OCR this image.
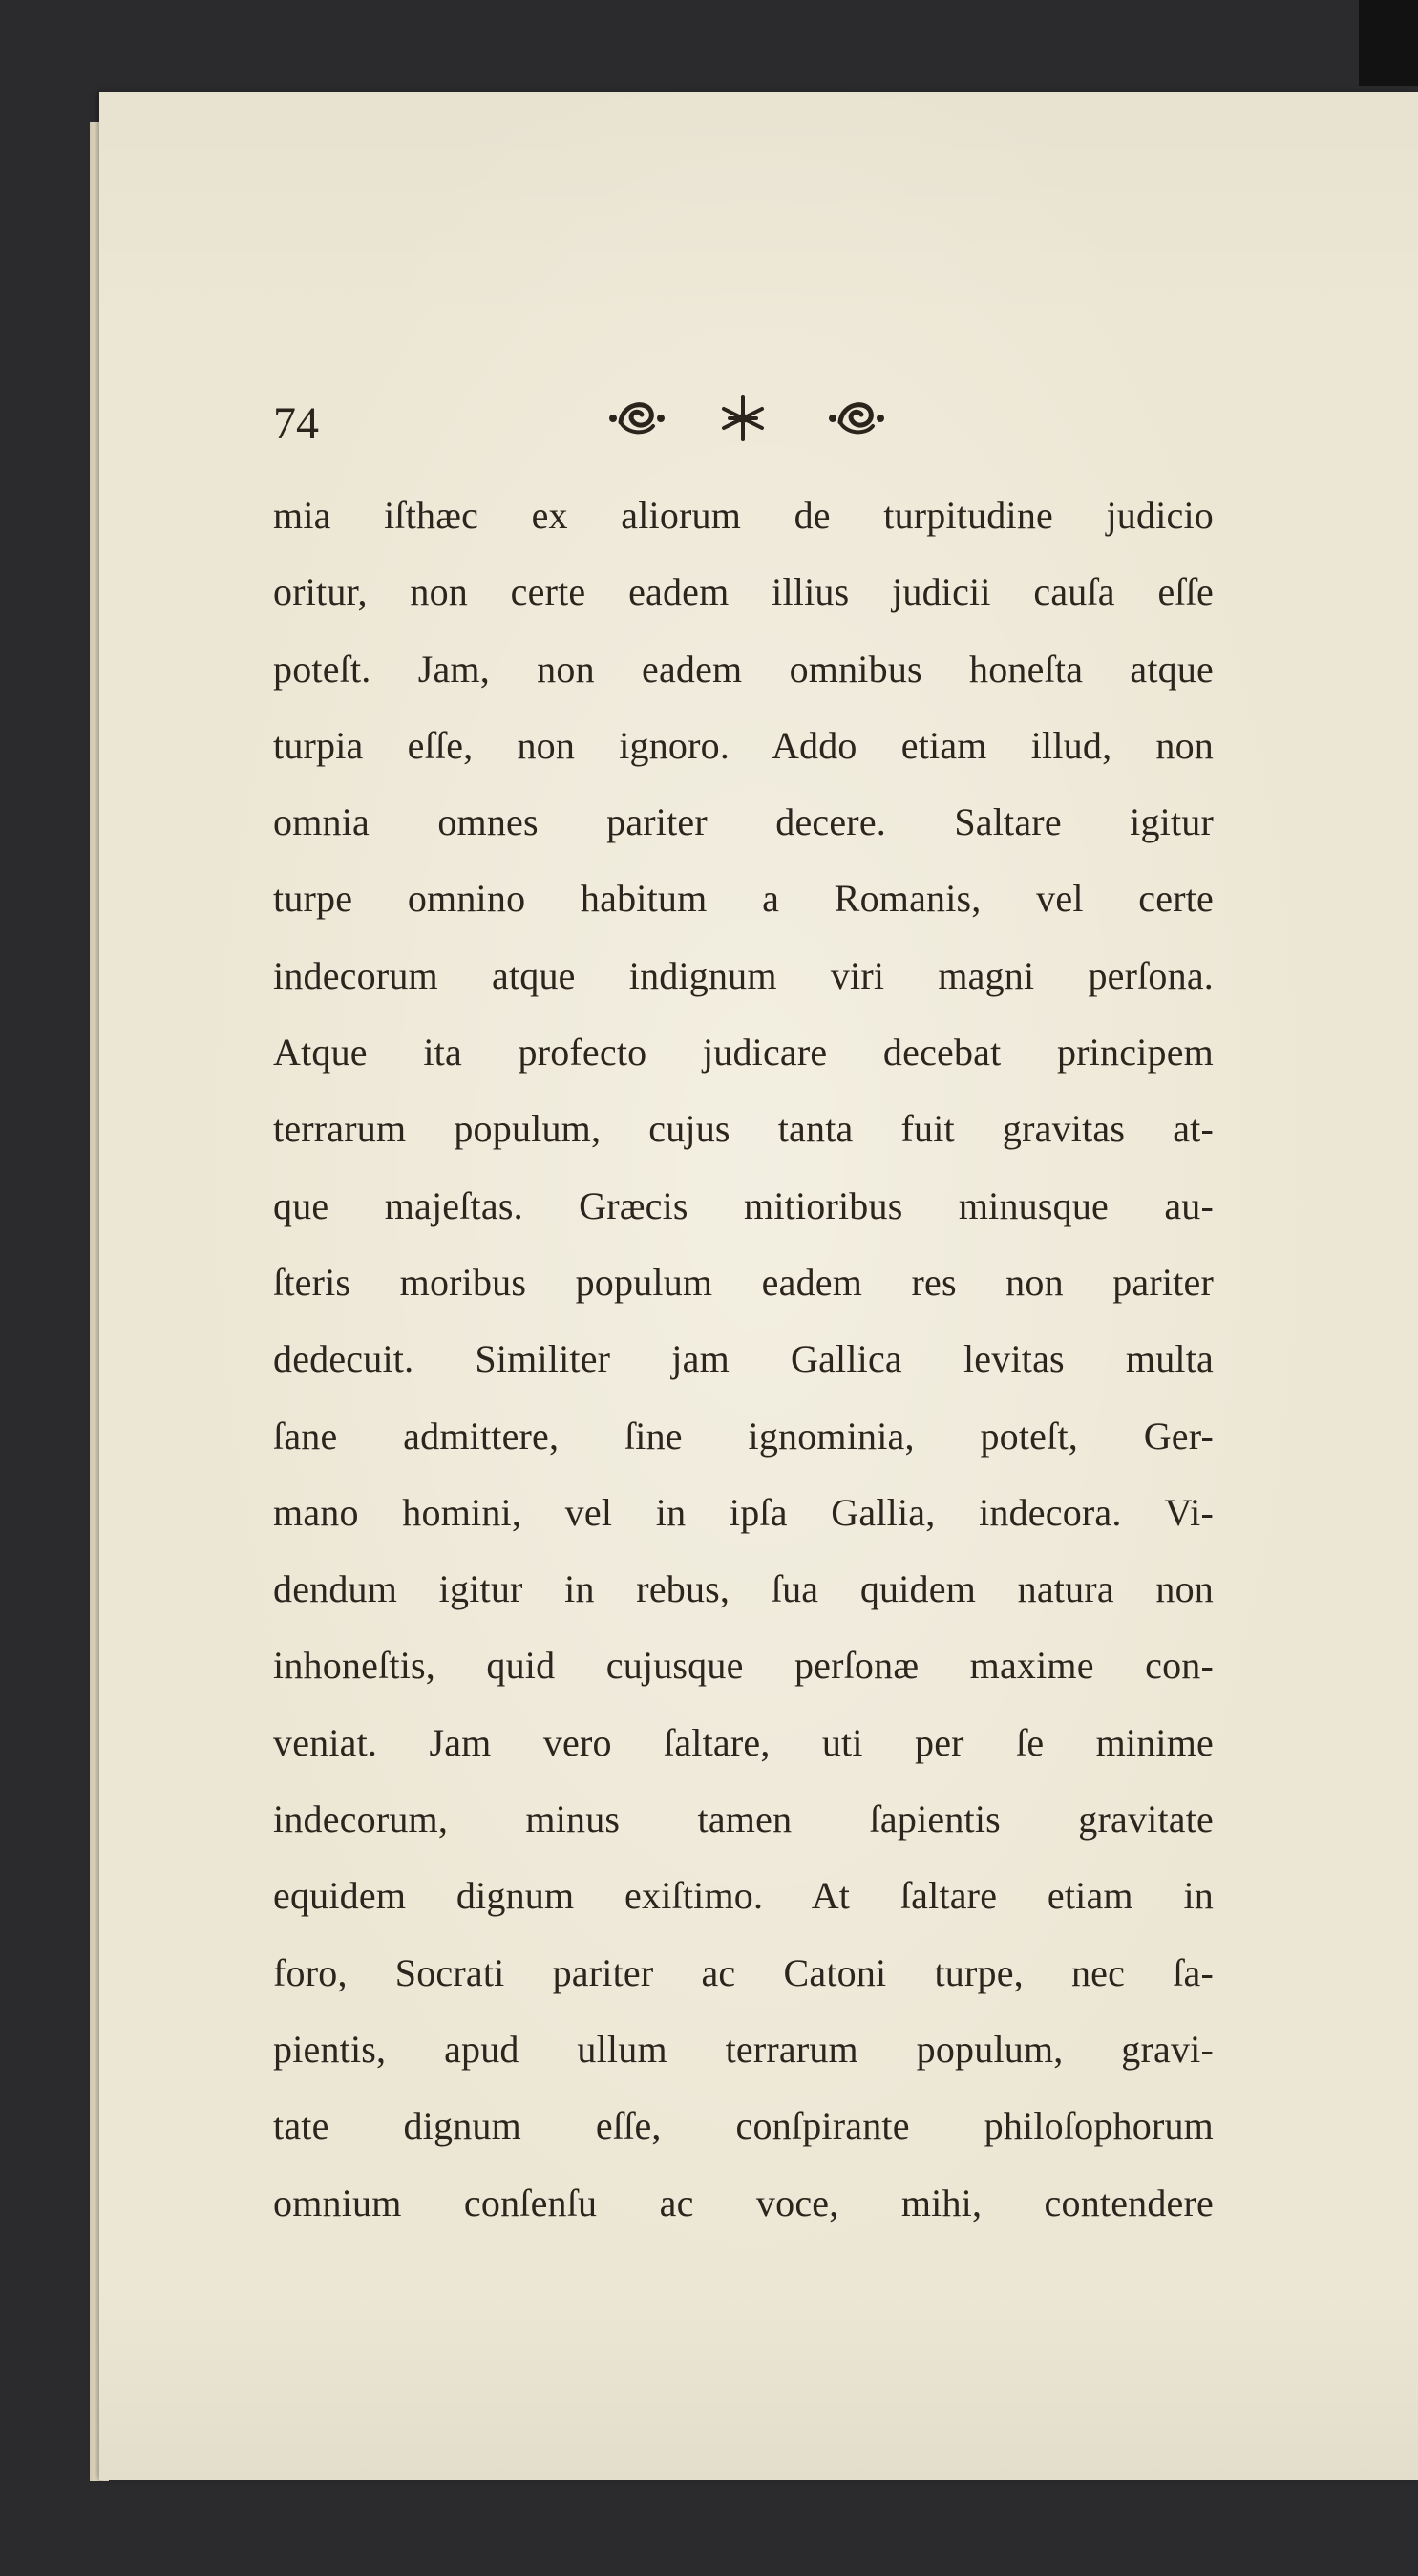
74
mia iſthæc ex aliorum de turpitudine judicio
oritur, non certe eadem illius judicii cauſa eſſe
poteſt. Jam, non eadem omnibus honeſta atque
turpia eſſe, non ignoro. Addo etiam illud, non
omnia omnes pariter decere. Saltare igitur
turpe omnino habitum a Romanis, vel certe
indecorum atque indignum viri magni perſona.
Atque ita profecto judicare decebat principem
terrarum populum, cujus tanta fuit gravitas at-
que majeſtas. Græcis mitioribus minusque au-
ſteris moribus populum eadem res non pariter
dedecuit. Similiter jam Gallica levitas multa
ſane admittere, ſine ignominia, poteſt, Ger-
mano homini, vel in ipſa Gallia, indecora. Vi-
dendum igitur in rebus, ſua quidem natura non
inhoneſtis, quid cujusque perſonæ maxime con-
veniat. Jam vero ſaltare, uti per ſe minime
indecorum, minus tamen ſapientis gravitate
equidem dignum exiſtimo. At ſaltare etiam in
foro, Socrati pariter ac Catoni turpe, nec ſa-
pientis, apud ullum terrarum populum, gravi-
tate dignum eſſe, conſpirante philoſophorum
omnium conſenſu ac voce, mihi, contendere
